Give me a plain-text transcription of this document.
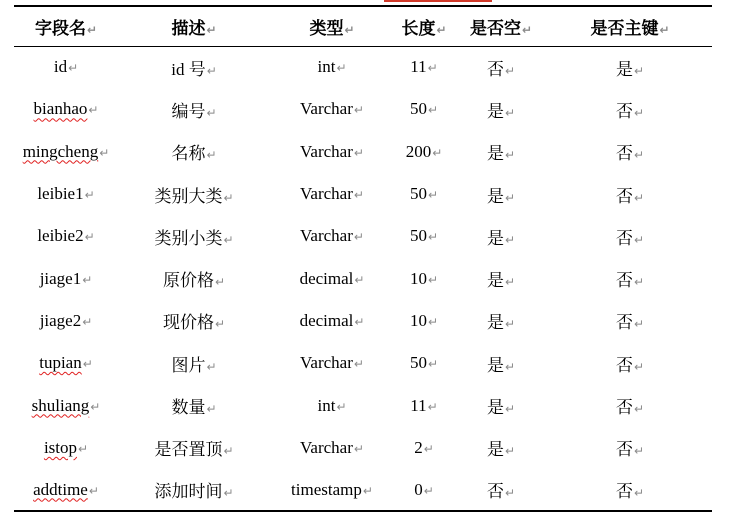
字段名↵	描述↵	类型↵	长度↵	是否空↵	是否主键↵
id↵	id 号↵	int↵	11↵	否↵	是↵
bianhao↵	编号↵	Varchar↵	50↵	是↵	否↵
mingcheng↵	名称↵	Varchar↵	200↵	是↵	否↵
leibie1↵	类别大类↵	Varchar↵	50↵	是↵	否↵
leibie2↵	类别小类↵	Varchar↵	50↵	是↵	否↵
jiage1↵	原价格↵	decimal↵	10↵	是↵	否↵
jiage2↵	现价格↵	decimal↵	10↵	是↵	否↵
tupian↵	图片↵	Varchar↵	50↵	是↵	否↵
shuliang↵	数量↵	int↵	11↵	是↵	否↵
istop↵	是否置顶↵	Varchar↵	2↵	是↵	否↵
addtime↵	添加时间↵	timestamp↵	0↵	否↵	否↵
